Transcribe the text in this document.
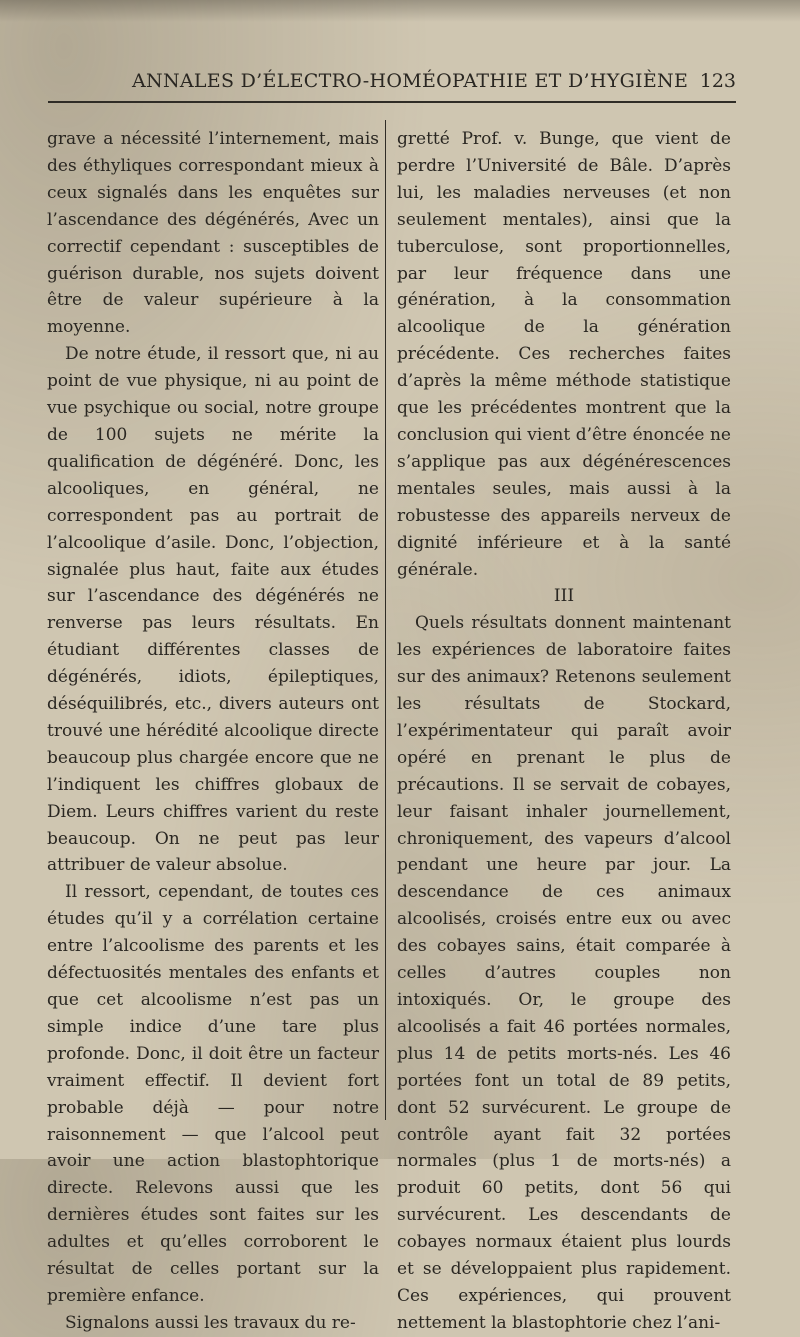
ANNALES D’ÉLECTRO-HOMÉOPATHIE ET D’HYGIÈNE 123

grave a nécessité l’internement, mais des éthyliques correspondant mieux à ceux signalés dans les enquêtes sur l’ascendance des dégénérés, Avec un correctif cependant : susceptibles de guérison durable, nos sujets doivent être de valeur supérieure à la moyenne.

De notre étude, il ressort que, ni au point de vue physique, ni au point de vue psychique ou social, notre groupe de 100 sujets ne mérite la qualification de dégénéré. Donc, les alcooliques, en général, ne correspondent pas au portrait de l’alcoolique d’asile. Donc, l’objection, signalée plus haut, faite aux études sur l’ascendance des dégénérés ne renverse pas leurs résultats. En étudiant différentes classes de dégénérés, idiots, épileptiques, déséquilibrés, etc., divers auteurs ont trouvé une hérédité alcoolique directe beaucoup plus chargée encore que ne l’indiquent les chiffres globaux de Diem. Leurs chiffres varient du reste beaucoup. On ne peut pas leur attribuer de valeur absolue.

Il ressort, cependant, de toutes ces études qu’il y a corrélation certaine entre l’alcoolisme des parents et les défectuosités mentales des enfants et que cet alcoolisme n’est pas un simple indice d’une tare plus profonde. Donc, il doit être un facteur vraiment effectif. Il devient fort probable déjà — pour notre raisonnement — que l’alcool peut avoir une action blastophtorique directe. Relevons aussi que les dernières études sont faites sur les adultes et qu’elles corroborent le résultat de celles portant sur la première enfance.

Signalons aussi les travaux du re-

gretté Prof. v. Bunge, que vient de perdre l’Université de Bâle. D’après lui, les maladies nerveuses (et non seulement mentales), ainsi que la tuberculose, sont proportionnelles, par leur fréquence dans une génération, à la consommation alcoolique de la génération précédente. Ces recherches faites d’après la même méthode statistique que les précédentes montrent que la conclusion qui vient d’être énoncée ne s’applique pas aux dégénérescences mentales seules, mais aussi à la robustesse des appareils nerveux de dignité inférieure et à la santé générale.

III

Quels résultats donnent maintenant les expériences de laboratoire faites sur des animaux? Retenons seulement les résultats de Stockard, l’expérimentateur qui paraît avoir opéré en prenant le plus de précautions. Il se servait de cobayes, leur faisant inhaler journellement, chroniquement, des vapeurs d’alcool pendant une heure par jour. La descendance de ces animaux alcoolisés, croisés entre eux ou avec des cobayes sains, était comparée à celles d’autres couples non intoxiqués. Or, le groupe des alcoolisés a fait 46 portées normales, plus 14 de petits morts-nés. Les 46 portées font un total de 89 petits, dont 52 survécurent. Le groupe de contrôle ayant fait 32 portées normales (plus 1 de morts-nés) a produit 60 petits, dont 56 qui survécurent. Les descendants de cobayes normaux étaient plus lourds et se développaient plus rapidement. Ces expériences, qui prouvent nettement la blastophtorie chez l’ani-
